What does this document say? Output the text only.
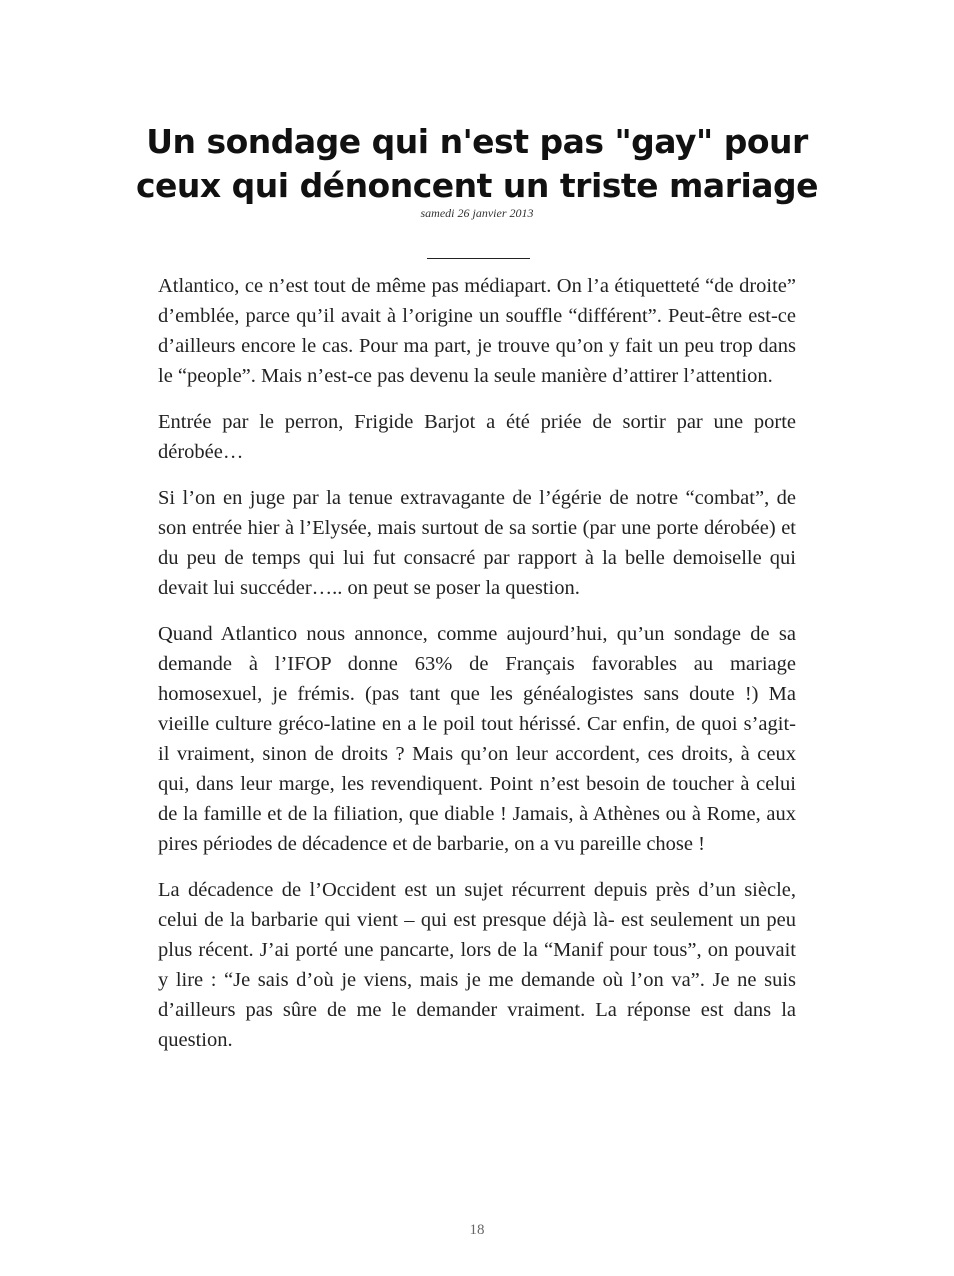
Un sondage qui n'est pas "gay" pour
ceux qui dénoncent un triste mariage
samedi 26 janvier 2013

Atlantico, ce n’est tout de même pas médiapart. On l’a étiquetteté “de droite” d’emblée, parce qu’il avait à l’origine un souffle “différent”. Peut-être est-ce d’ailleurs encore le cas. Pour ma part, je trouve qu’on y fait un peu trop dans le “people”. Mais n’est-ce pas devenu la seule manière d’attirer l’attention.

Entrée par le perron, Frigide Barjot a été priée de sortir par une porte dérobée…

Si l’on en juge par la tenue extravagante de l’égérie de notre “combat”, de son entrée hier à l’Elysée, mais surtout de sa sortie (par une porte dérobée) et du peu de temps qui lui fut consacré par rapport à la belle demoiselle qui devait lui succéder….. on peut se poser la question.

Quand Atlantico nous annonce, comme aujourd’hui, qu’un sondage de sa demande à l’IFOP donne 63% de Français favorables au mariage homosexuel, je frémis. (pas tant que les généalogistes sans doute !) Ma vieille culture gréco-latine en a le poil tout hérissé. Car enfin, de quoi s’agit-il vraiment, sinon de droits ? Mais qu’on leur accordent, ces droits, à ceux qui, dans leur marge, les revendiquent. Point n’est besoin de toucher à celui de la famille et de la filiation, que diable ! Jamais, à Athènes ou à Rome, aux pires périodes de décadence et de barbarie, on a vu pareille chose !

La décadence de l’Occident est un sujet récurrent depuis près d’un siècle, celui de la barbarie qui vient – qui est presque déjà là- est seulement un peu plus récent. J’ai porté une pancarte, lors de la “Manif pour tous”, on pouvait y lire : “Je sais d’où je viens, mais je me demande où l’on va”. Je ne suis d’ailleurs pas sûre de me le demander vraiment. La réponse est dans la question.

18
